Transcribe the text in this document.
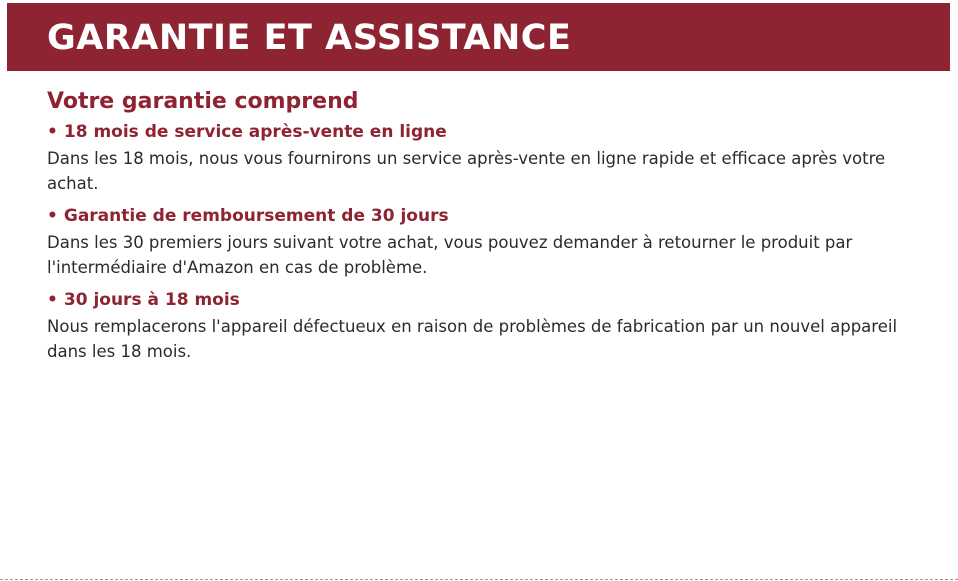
GARANTIE ET ASSISTANCE
Votre garantie comprend
• 18 mois de service après-vente en ligne
Dans les 18 mois, nous vous fournirons un service après-vente en ligne rapide et efficace après votre achat.
• Garantie de remboursement de 30 jours
Dans les 30 premiers jours suivant votre achat, vous pouvez demander à retourner le produit par l'intermédiaire d'Amazon en cas de problème.
• 30 jours à 18 mois
Nous remplacerons l'appareil défectueux en raison de problèmes de fabrication par un nouvel appareil dans les 18 mois.
